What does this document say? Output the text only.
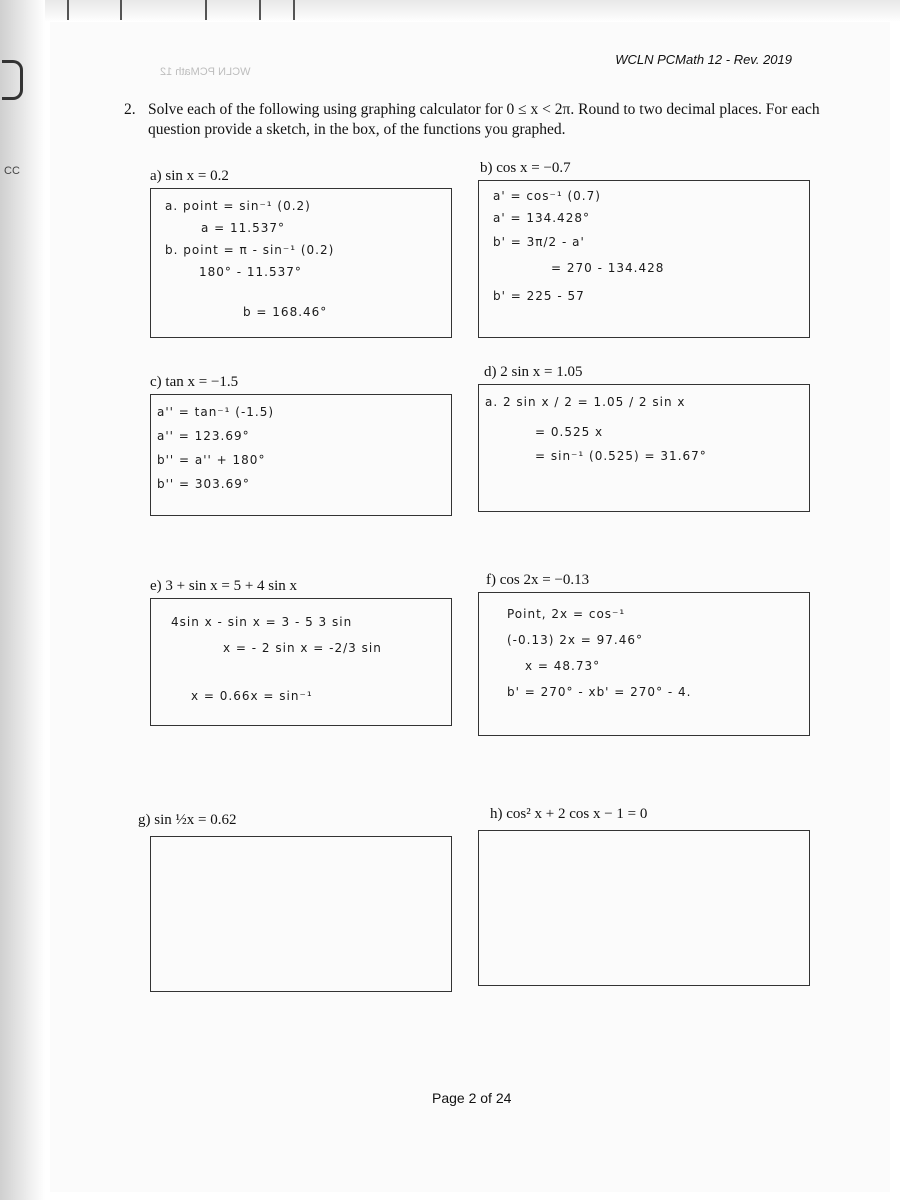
CC
WCLN PCMath 12
WCLN PCMath 12 - Rev. 2019
2. Solve each of the following using graphing calculator for 0 ≤ x < 2π. Round to two decimal places. For each question provide a sketch, in the box, of the functions you graphed.
a) sin x = 0.2
a. point = sin⁻¹ (0.2)
a = 11.537°
b. point = π - sin⁻¹ (0.2)
180° - 11.537°
b = 168.46°
b) cos x = −0.7
a' = cos⁻¹ (0.7)
a' = 134.428°
b' = 3π/2 - a'
= 270 - 134.428
b' = 225 - 57
c) tan x = −1.5
a'' = tan⁻¹ (-1.5)
a'' = 123.69°
b'' = a'' + 180°
b'' = 303.69°
d) 2 sin x = 1.05
a. 2 sin x / 2 = 1.05 / 2 sin x
= 0.525 x
= sin⁻¹ (0.525) = 31.67°
e) 3 + sin x = 5 + 4 sin x
4sin x - sin x = 3 - 5 3 sin
x = - 2 sin x = -2/3 sin
x = 0.66x = sin⁻¹
f) cos 2x = −0.13
Point, 2x = cos⁻¹
(-0.13) 2x = 97.46°
x = 48.73°
b' = 270° - xb' = 270° - 4.
g) sin ½x = 0.62	h) cos² x + 2 cos x − 1 = 0
Page 2 of 24
